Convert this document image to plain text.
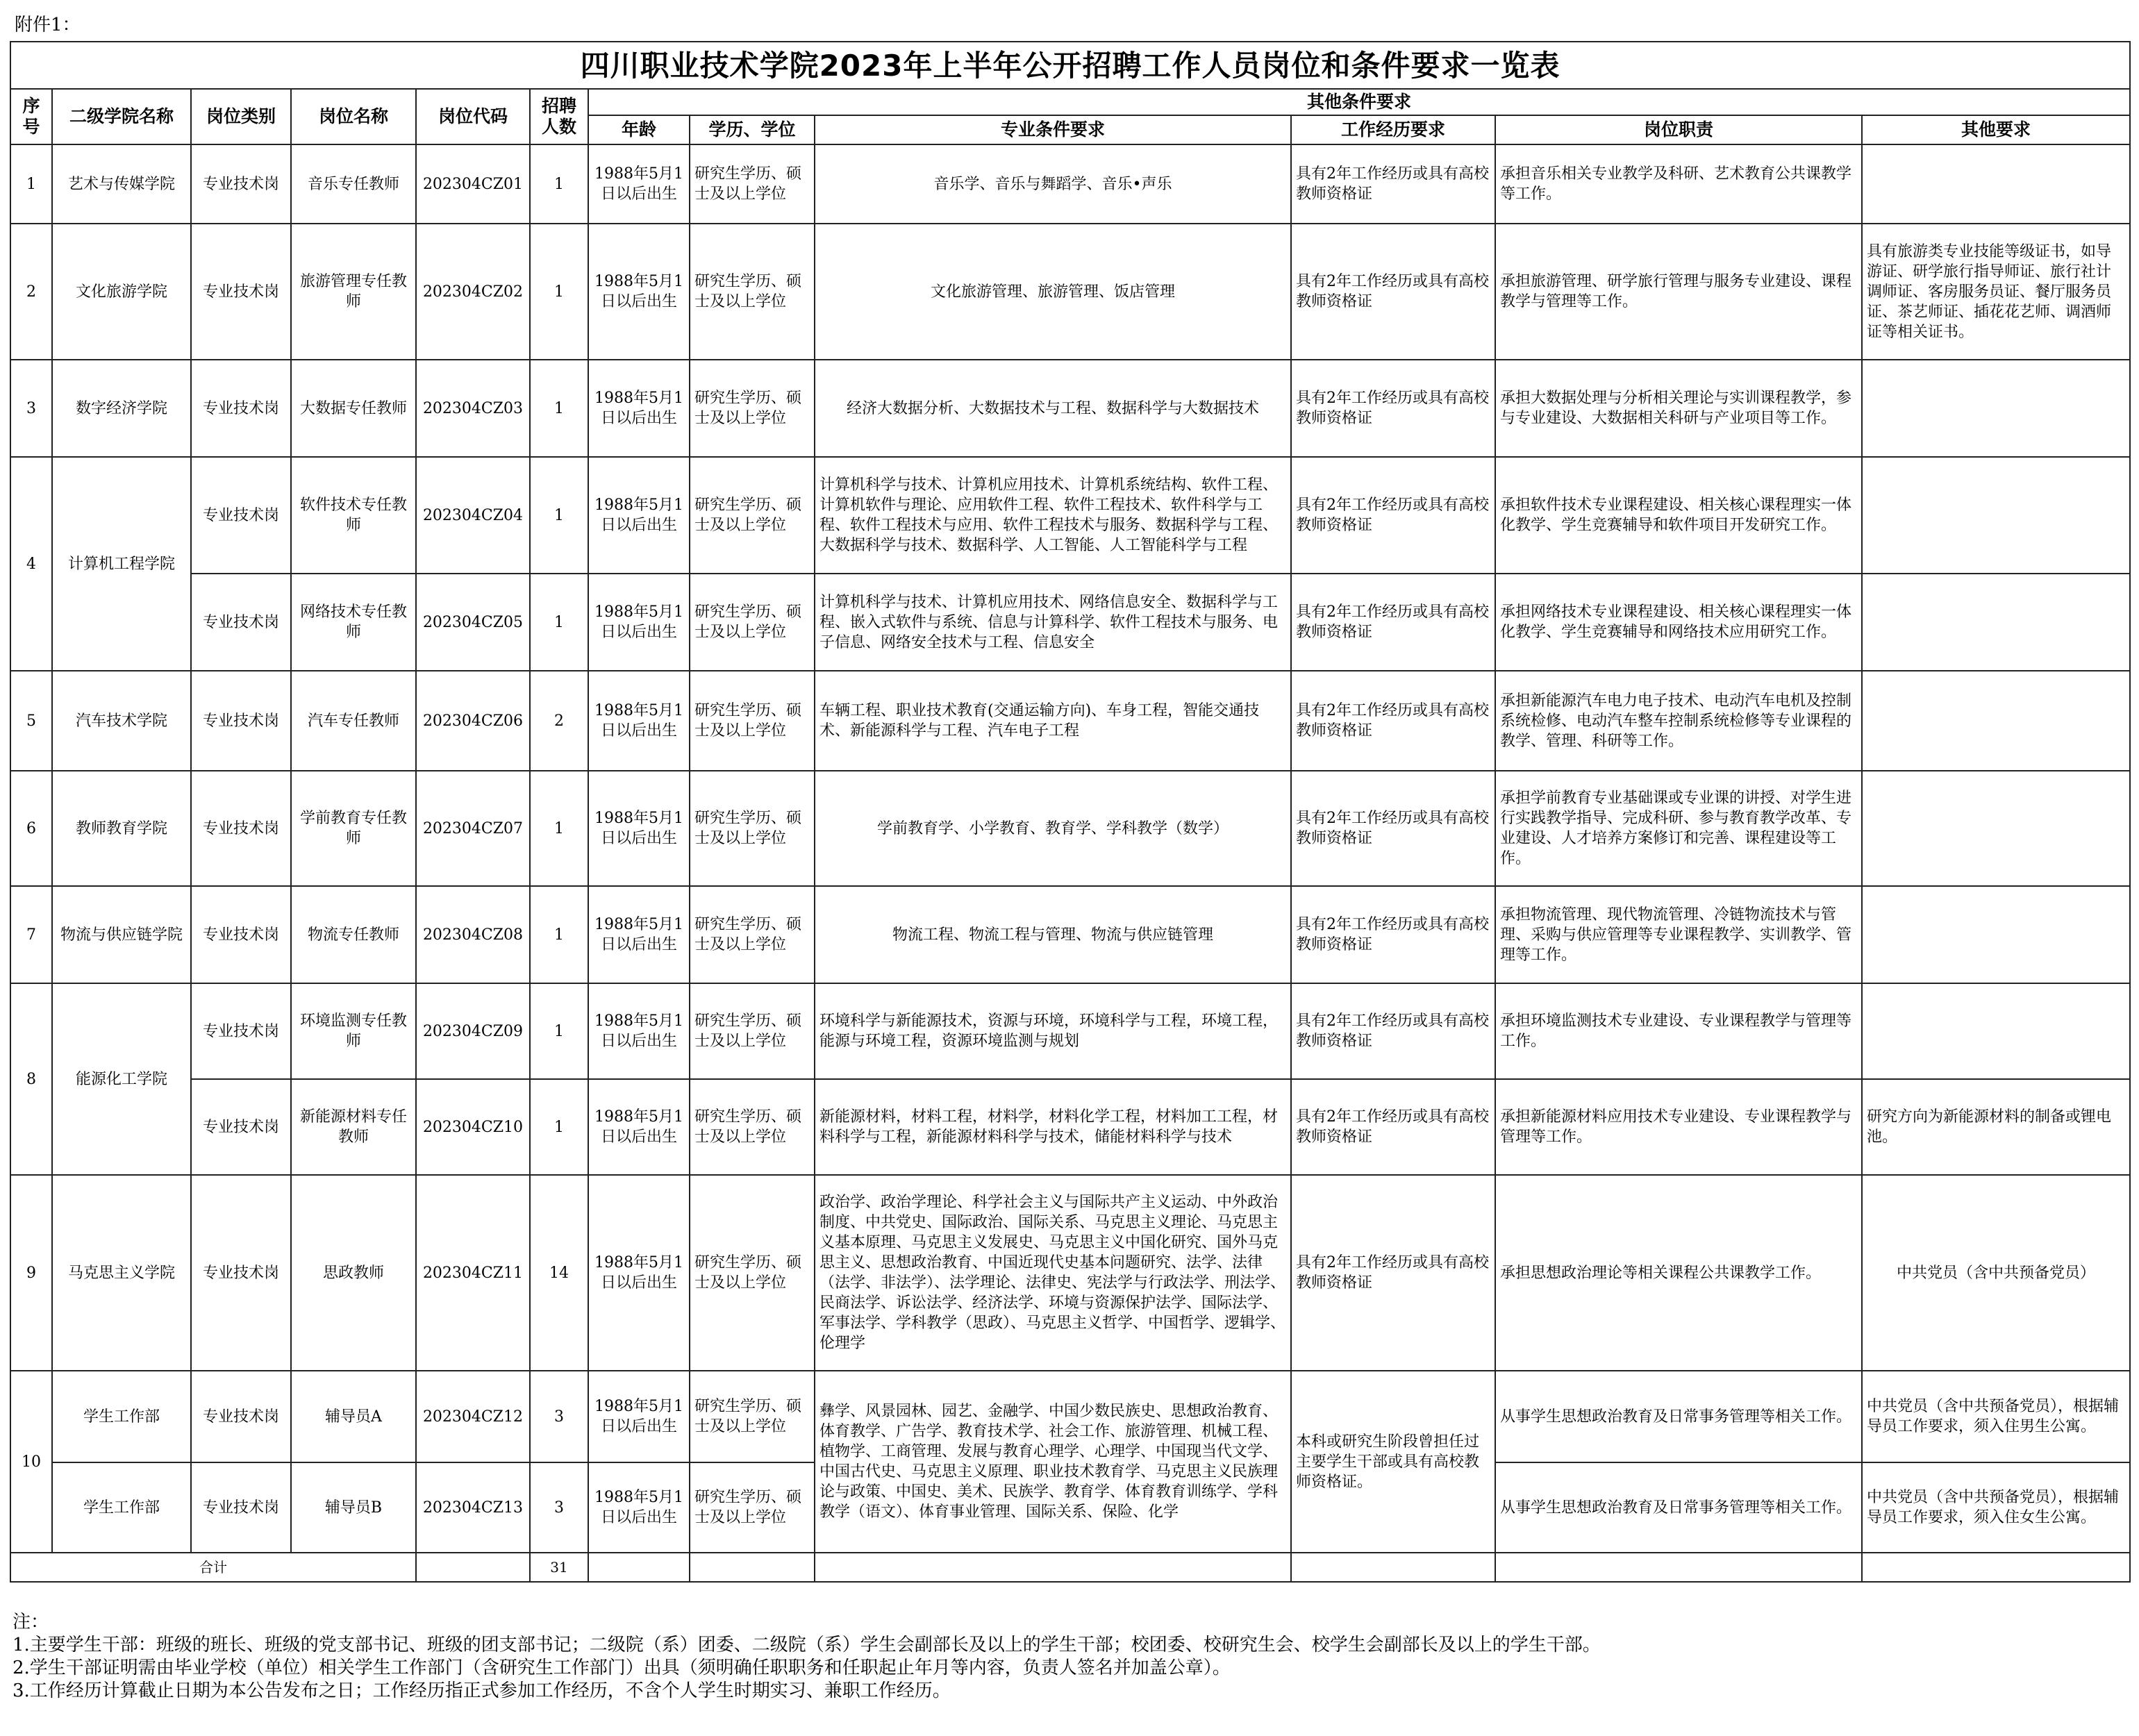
附件1：											
四川职业技术学院2023年上半年公开招聘工作人员岗位和条件要求一览表											
序号	二级学院名称	岗位类别	岗位名称	岗位代码	招聘人数	其他条件要求					
						年龄	学历、学位	专业条件要求	工作经历要求	岗位职责	其他要求
1	艺术与传媒学院	专业技术岗	音乐专任教师	202304CZ01	1	1988年5月1日以后出生	研究生学历、硕士及以上学位	音乐学、音乐与舞蹈学、音乐•声乐	具有2年工作经历或具有高校教师资格证	承担音乐相关专业教学及科研、艺术教育公共课教学等工作。	
2	文化旅游学院	专业技术岗	旅游管理专任教师	202304CZ02	1	1988年5月1日以后出生	研究生学历、硕士及以上学位	文化旅游管理、旅游管理、饭店管理	具有2年工作经历或具有高校教师资格证	承担旅游管理、研学旅行管理与服务专业建设、课程教学与管理等工作。	具有旅游类专业技能等级证书，如导游证、研学旅行指导师证、旅行社计调师证、客房服务员证、餐厅服务员证、茶艺师证、插花花艺师、调酒师证等相关证书。
3	数字经济学院	专业技术岗	大数据专任教师	202304CZ03	1	1988年5月1日以后出生	研究生学历、硕士及以上学位	经济大数据分析、大数据技术与工程、数据科学与大数据技术	具有2年工作经历或具有高校教师资格证	承担大数据处理与分析相关理论与实训课程教学，参与专业建设、大数据相关科研与产业项目等工作。	
4	计算机工程学院	专业技术岗	软件技术专任教师	202304CZ04	1	1988年5月1日以后出生	研究生学历、硕士及以上学位	计算机科学与技术、计算机应用技术、计算机系统结构、软件工程、计算机软件与理论、应用软件工程、软件工程技术、软件科学与工程、软件工程技术与应用、软件工程技术与服务、数据科学与工程、大数据科学与技术、数据科学、人工智能、人工智能科学与工程	具有2年工作经历或具有高校教师资格证	承担软件技术专业课程建设、相关核心课程理实一体化教学、学生竞赛辅导和软件项目开发研究工作。	
		专业技术岗	网络技术专任教师	202304CZ05	1	1988年5月1日以后出生	研究生学历、硕士及以上学位	计算机科学与技术、计算机应用技术、网络信息安全、数据科学与工程、嵌入式软件与系统、信息与计算科学、软件工程技术与服务、电子信息、网络安全技术与工程、信息安全	具有2年工作经历或具有高校教师资格证	承担网络技术专业课程建设、相关核心课程理实一体化教学、学生竞赛辅导和网络技术应用研究工作。	
5	汽车技术学院	专业技术岗	汽车专任教师	202304CZ06	2	1988年5月1日以后出生	研究生学历、硕士及以上学位	车辆工程、职业技术教育(交通运输方向)、车身工程，智能交通技术、新能源科学与工程、汽车电子工程	具有2年工作经历或具有高校教师资格证	承担新能源汽车电力电子技术、电动汽车电机及控制系统检修、电动汽车整车控制系统检修等专业课程的教学、管理、科研等工作。	
6	教师教育学院	专业技术岗	学前教育专任教师	202304CZ07	1	1988年5月1日以后出生	研究生学历、硕士及以上学位	学前教育学、小学教育、教育学、学科教学（数学）	具有2年工作经历或具有高校教师资格证	承担学前教育专业基础课或专业课的讲授、对学生进行实践教学指导、完成科研、参与教育教学改革、专业建设、人才培养方案修订和完善、课程建设等工作。	
7	物流与供应链学院	专业技术岗	物流专任教师	202304CZ08	1	1988年5月1日以后出生	研究生学历、硕士及以上学位	物流工程、物流工程与管理、物流与供应链管理	具有2年工作经历或具有高校教师资格证	承担物流管理、现代物流管理、冷链物流技术与管理、采购与供应管理等专业课程教学、实训教学、管理等工作。	
8	能源化工学院	专业技术岗	环境监测专任教师	202304CZ09	1	1988年5月1日以后出生	研究生学历、硕士及以上学位	环境科学与新能源技术，资源与环境，环境科学与工程，环境工程，能源与环境工程，资源环境监测与规划	具有2年工作经历或具有高校教师资格证	承担环境监测技术专业建设、专业课程教学与管理等工作。	
		专业技术岗	新能源材料专任教师	202304CZ10	1	1988年5月1日以后出生	研究生学历、硕士及以上学位	新能源材料，材料工程，材料学，材料化学工程，材料加工工程，材料科学与工程，新能源材料科学与技术，储能材料科学与技术	具有2年工作经历或具有高校教师资格证	承担新能源材料应用技术专业建设、专业课程教学与管理等工作。	研究方向为新能源材料的制备或锂电池。
9	马克思主义学院	专业技术岗	思政教师	202304CZ11	14	1988年5月1日以后出生	研究生学历、硕士及以上学位	政治学、政治学理论、科学社会主义与国际共产主义运动、中外政治制度、中共党史、国际政治、国际关系、马克思主义理论、马克思主义基本原理、马克思主义发展史、马克思主义中国化研究、国外马克思主义、思想政治教育、中国近现代史基本问题研究、法学、法律（法学、非法学）、法学理论、法律史、宪法学与行政法学、刑法学、民商法学、诉讼法学、经济法学、环境与资源保护法学、国际法学、军事法学、学科教学（思政）、马克思主义哲学、中国哲学、逻辑学、伦理学	具有2年工作经历或具有高校教师资格证	承担思想政治理论等相关课程公共课教学工作。	中共党员（含中共预备党员）
10	学生工作部	专业技术岗	辅导员A	202304CZ12	3	1988年5月1日以后出生	研究生学历、硕士及以上学位	彝学、风景园林、园艺、金融学、中国少数民族史、思想政治教育、体育教学、广告学、教育技术学、社会工作、旅游管理、机械工程、植物学、工商管理、发展与教育心理学、心理学、中国现当代文学、中国古代史、马克思主义原理、职业技术教育学、马克思主义民族理论与政策、中国史、美术、民族学、教育学、体育教育训练学、学科教学（语文）、体育事业管理、国际关系、保险、化学	本科或研究生阶段曾担任过主要学生干部或具有高校教师资格证。	从事学生思想政治教育及日常事务管理等相关工作。	中共党员（含中共预备党员），根据辅导员工作要求，须入住男生公寓。
	学生工作部	专业技术岗	辅导员B	202304CZ13	3	1988年5月1日以后出生	研究生学历、硕士及以上学位			从事学生思想政治教育及日常事务管理等相关工作。	中共党员（含中共预备党员），根据辅导员工作要求，须入住女生公寓。
合计					31						
注：
1.主要学生干部：班级的班长、班级的党支部书记、班级的团支部书记；二级院（系）团委、二级院（系）学生会副部长及以上的学生干部；校团委、校研究生会、校学生会副部长及以上的学生干部。
2.学生干部证明需由毕业学校（单位）相关学生工作部门（含研究生工作部门）出具（须明确任职职务和任职起止年月等内容，负责人签名并加盖公章）。
3.工作经历计算截止日期为本公告发布之日；工作经历指正式参加工作经历，不含个人学生时期实习、兼职工作经历。
